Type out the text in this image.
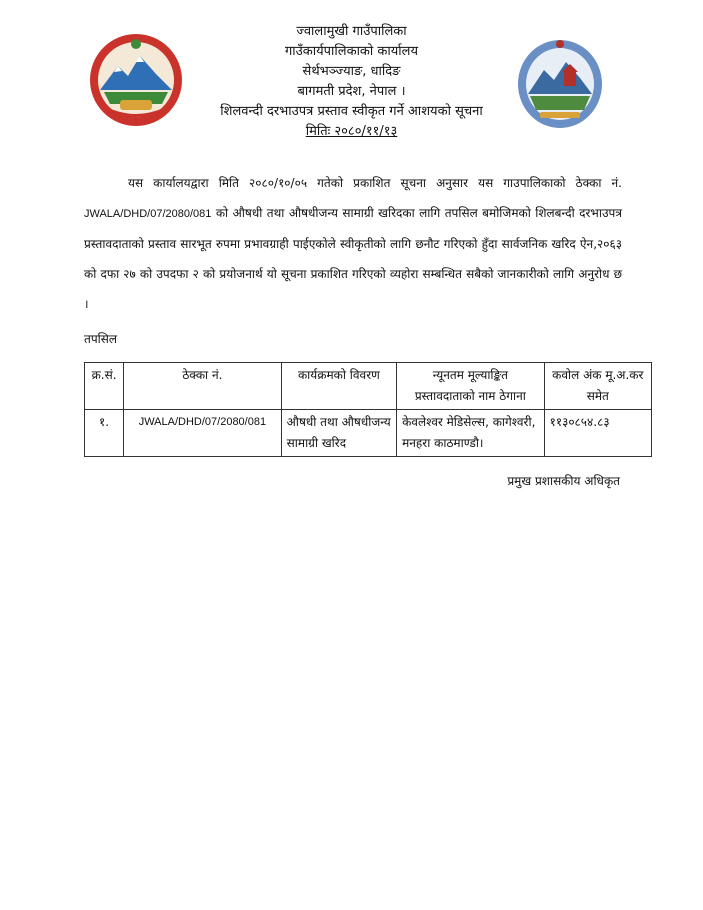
ज्वालामुखी गाउँपालिका
गाउँकार्यपालिकाको कार्यालय
सेर्थभञ्ज्याङ, धादिङ
बागमती प्रदेश, नेपाल ।
शिलवन्दी दरभाउपत्र प्रस्ताव स्वीकृत गर्ने आशयको सूचना
मितिः २०८०/११/१३

यस कार्यालयद्वारा मिति २०८०/१०/०५ गतेको प्रकाशित सूचना अनुसार यस गाउपालिकाको ठेक्का नं. JWALA/DHD/07/2080/081 को औषधी तथा औषधीजन्य सामाग्री खरिदका लागि तपसिल बमोजिमको शिलबन्दी दरभाउपत्र प्रस्तावदाताको प्रस्ताव सारभूत रुपमा प्रभावग्राही पाईएकोले स्वीकृतीको लागि छनौट गरिएको हुँदा सार्वजनिक खरिद ऐन,२०६३ को दफा २७ को उपदफा २ को प्रयोजनार्थ यो सूचना प्रकाशित गरिएको व्यहोरा सम्बन्धित सबैको जानकारीको लागि अनुरोध छ ।

तपसिल
क्र.सं.	ठेक्का नं.	कार्यक्रमको विवरण	न्यूनतम मूल्याङ्कित प्रस्तावदाताको नाम ठेगाना	कवोल अंक मू.अ.कर समेत
१.	JWALA/DHD/07/2080/081	औषधी तथा औषधीजन्य सामाग्री खरिद	केवलेश्वर मेडिसेल्स, कागेश्वरी, मनहरा काठमाण्डौ।	११३०८५४.८३
प्रमुख प्रशासकीय अधिकृत
